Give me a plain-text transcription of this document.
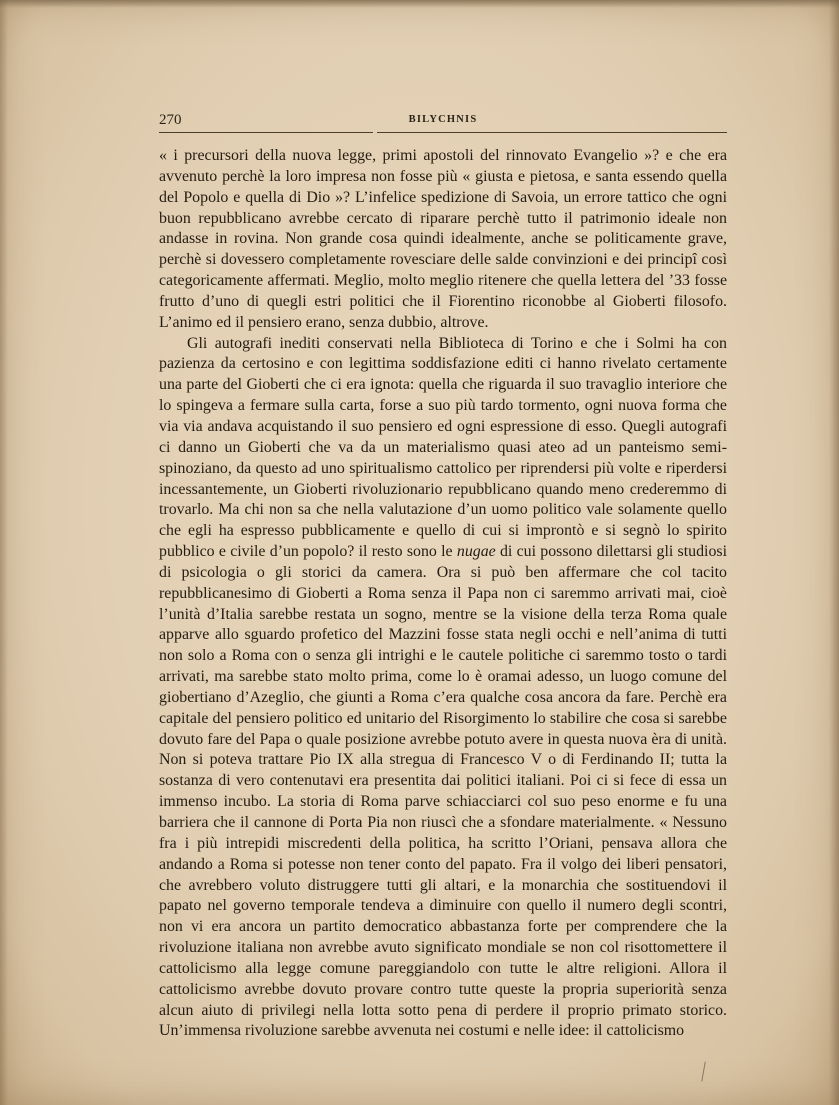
270	BILYCHNIS

« i precursori della nuova legge, primi apostoli del rinnovato Evangelio »? e che era avvenuto perchè la loro impresa non fosse più « giusta e pietosa, e santa essendo quella del Popolo e quella di Dio »? L’infelice spedizione di Savoia, un errore tattico che ogni buon repubblicano avrebbe cercato di riparare perchè tutto il patrimonio ideale non andasse in rovina. Non grande cosa quindi idealmente, anche se politicamente grave, perchè si dovessero completamente rovesciare delle salde convinzioni e dei principî così categoricamente affermati. Meglio, molto meglio ritenere che quella lettera del ’33 fosse frutto d’uno di quegli estri politici che il Fiorentino riconobbe al Gioberti filosofo. L’animo ed il pensiero erano, senza dubbio, altrove.

Gli autografi inediti conservati nella Biblioteca di Torino e che i Solmi ha con pazienza da certosino e con legittima soddisfazione editi ci hanno rivelato certamente una parte del Gioberti che ci era ignota: quella che riguarda il suo travaglio interiore che lo spingeva a fermare sulla carta, forse a suo più tardo tormento, ogni nuova forma che via via andava acquistando il suo pensiero ed ogni espressione di esso. Quegli autografi ci danno un Gioberti che va da un materialismo quasi ateo ad un panteismo semi-spinoziano, da questo ad uno spiritualismo cattolico per riprendersi più volte e riperdersi incessantemente, un Gioberti rivoluzionario repubblicano quando meno crederemmo di trovarlo. Ma chi non sa che nella valutazione d’un uomo politico vale solamente quello che egli ha espresso pubblicamente e quello di cui si improntò e si segnò lo spirito pubblico e civile d’un popolo? il resto sono le nugae di cui possono dilettarsi gli studiosi di psicologia o gli storici da camera. Ora si può ben affermare che col tacito repubblicanesimo di Gioberti a Roma senza il Papa non ci saremmo arrivati mai, cioè l’unità d’Italia sarebbe restata un sogno, mentre se la visione della terza Roma quale apparve allo sguardo profetico del Mazzini fosse stata negli occhi e nell’anima di tutti non solo a Roma con o senza gli intrighi e le cautele politiche ci saremmo tosto o tardi arrivati, ma sarebbe stato molto prima, come lo è oramai adesso, un luogo comune del giobertiano d’Azeglio, che giunti a Roma c’era qualche cosa ancora da fare. Perchè era capitale del pensiero politico ed unitario del Risorgimento lo stabilire che cosa si sarebbe dovuto fare del Papa o quale posizione avrebbe potuto avere in questa nuova èra di unità. Non si poteva trattare Pio IX alla stregua di Francesco V o di Ferdinando II; tutta la sostanza di vero contenutavi era presentita dai politici italiani. Poi ci si fece di essa un immenso incubo. La storia di Roma parve schiacciarci col suo peso enorme e fu una barriera che il cannone di Porta Pia non riuscì che a sfondare materialmente. « Nessuno fra i più intrepidi miscredenti della politica, ha scritto l’Oriani, pensava allora che andando a Roma si potesse non tener conto del papato. Fra il volgo dei liberi pensatori, che avrebbero voluto distruggere tutti gli altari, e la monarchia che sostituendovi il papato nel governo temporale tendeva a diminuire con quello il numero degli scontri, non vi era ancora un partito democratico abbastanza forte per comprendere che la rivoluzione italiana non avrebbe avuto significato mondiale se non col risottomettere il cattolicismo alla legge comune pareggiandolo con tutte le altre religioni. Allora il cattolicismo avrebbe dovuto provare contro tutte queste la propria superiorità senza alcun aiuto di privilegi nella lotta sotto pena di perdere il proprio primato storico. Un’immensa rivoluzione sarebbe avvenuta nei costumi e nelle idee: il cattolicismo
